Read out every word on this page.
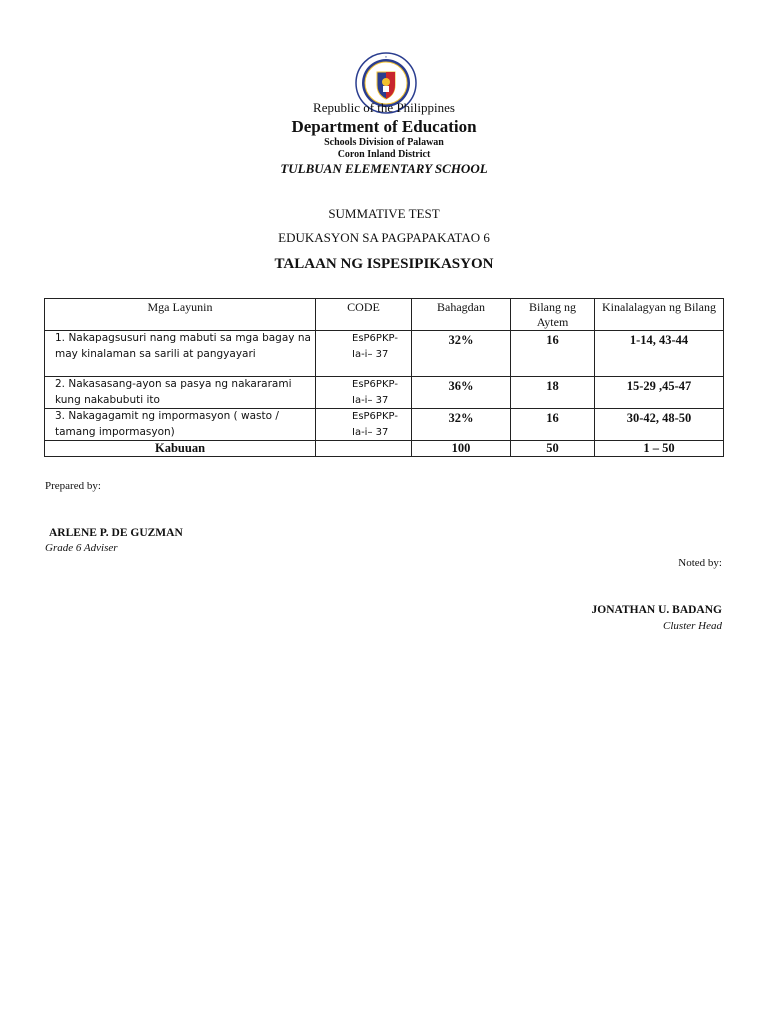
•
Republic of the Philippines
Department of Education
Schools Division of Palawan
Coron Inland District
TULBUAN ELEMENTARY SCHOOL
SUMMATIVE TEST
EDUKASYON SA PAGPAPAKATAO 6
TALAAN NG ISPESIPIKASYON
Mga Layunin	CODE	Bahagdan	Bilang ng Aytem	Kinalalagyan ng Bilang
1. Nakapagsusuri nang mabuti sa mga bagay na may kinalaman sa sarili at pangyayari	EsP6PKP-Ia-i– 37	32%	16	1-14, 43-44
2. Nakasasang-ayon sa pasya ng nakararami kung nakabubuti ito	EsP6PKP-Ia-i– 37	36%	18	15-29 ,45-47
3. Nakagagamit ng impormasyon ( wasto / tamang impormasyon)	EsP6PKP-Ia-i– 37	32%	16	30-42, 48-50
Kabuuan		100	50	1 – 50
Prepared by:
ARLENE P. DE GUZMAN
Grade 6 Adviser
Noted by:
JONATHAN U. BADANG
Cluster Head
